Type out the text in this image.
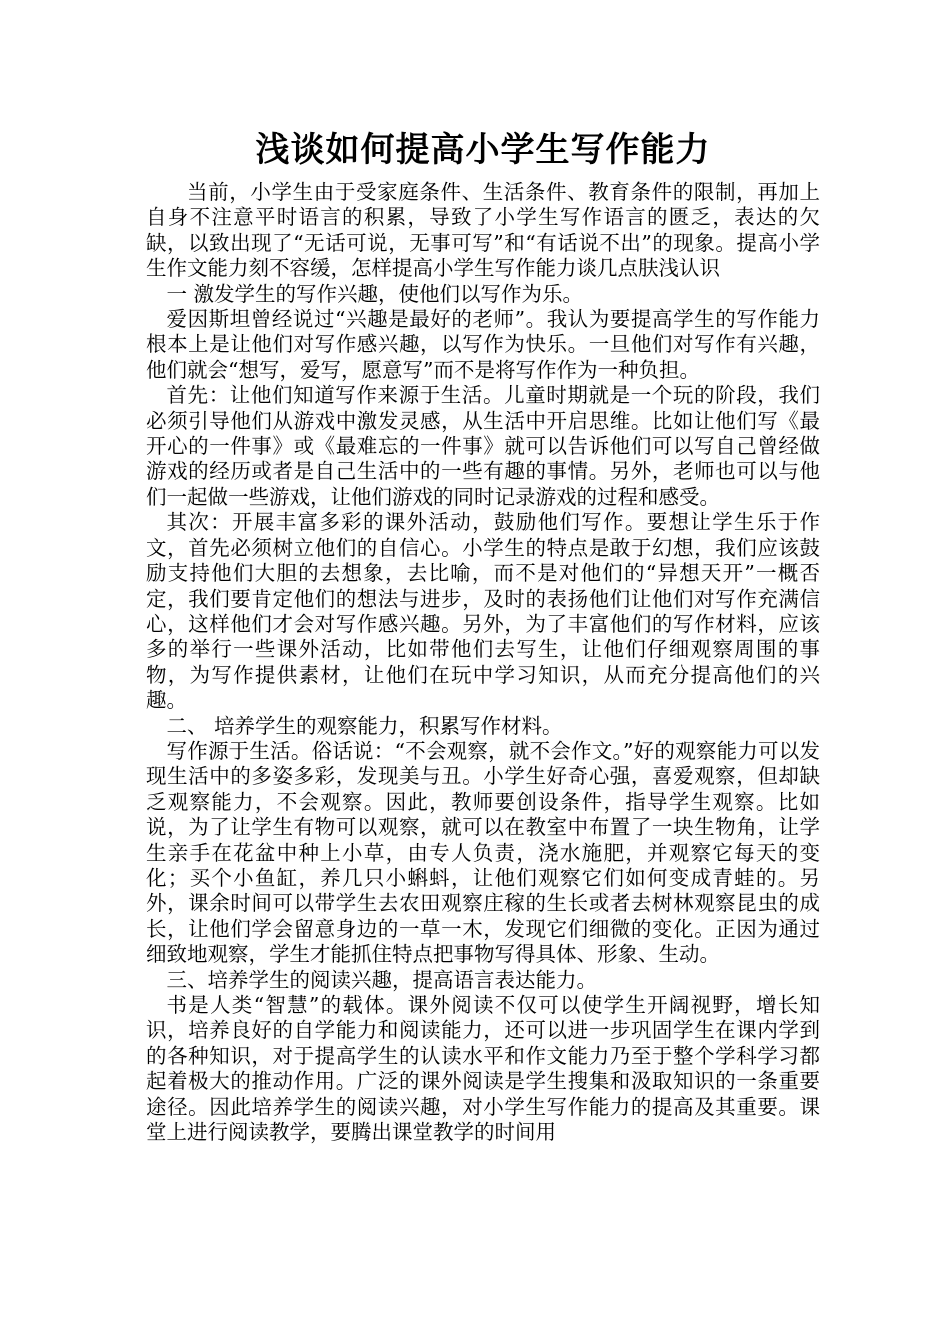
浅谈如何提高小学生写作能力

当前，小学生由于受家庭条件、生活条件、教育条件的限制，再加上自身不注意平时语言的积累，导致了小学生写作语言的匮乏，表达的欠缺，以致出现了“无话可说，无事可写”和“有话说不出”的现象。提高小学生作文能力刻不容缓，怎样提高小学生写作能力谈几点肤浅认识

一 激发学生的写作兴趣，使他们以写作为乐。

爱因斯坦曾经说过“兴趣是最好的老师”。我认为要提高学生的写作能力根本上是让他们对写作感兴趣，以写作为快乐。一旦他们对写作有兴趣，他们就会“想写，爱写，愿意写”而不是将写作作为一种负担。

首先：让他们知道写作来源于生活。儿童时期就是一个玩的阶段，我们必须引导他们从游戏中激发灵感，从生活中开启思维。比如让他们写《最开心的一件事》或《最难忘的一件事》就可以告诉他们可以写自己曾经做游戏的经历或者是自己生活中的一些有趣的事情。另外，老师也可以与他们一起做一些游戏，让他们游戏的同时记录游戏的过程和感受。

其次：开展丰富多彩的课外活动，鼓励他们写作。要想让学生乐于作文，首先必须树立他们的自信心。小学生的特点是敢于幻想，我们应该鼓励支持他们大胆的去想象，去比喻，而不是对他们的“异想天开”一概否定，我们要肯定他们的想法与进步，及时的表扬他们让他们对写作充满信心，这样他们才会对写作感兴趣。另外，为了丰富他们的写作材料，应该多的举行一些课外活动，比如带他们去写生，让他们仔细观察周围的事物，为写作提供素材，让他们在玩中学习知识，从而充分提高他们的兴趣。

二、 培养学生的观察能力，积累写作材料。

写作源于生活。俗话说：“不会观察，就不会作文。”好的观察能力可以发现生活中的多姿多彩，发现美与丑。小学生好奇心强，喜爱观察，但却缺乏观察能力，不会观察。因此，教师要创设条件，指导学生观察。比如说，为了让学生有物可以观察，就可以在教室中布置了一块生物角，让学生亲手在花盆中种上小草，由专人负责，浇水施肥，并观察它每天的变化；买个小鱼缸，养几只小蝌蚪，让他们观察它们如何变成青蛙的。另外，课余时间可以带学生去农田观察庄稼的生长或者去树林观察昆虫的成长，让他们学会留意身边的一草一木，发现它们细微的变化。正因为通过细致地观察，学生才能抓住特点把事物写得具体、形象、生动。

三、培养学生的阅读兴趣，提高语言表达能力。

书是人类“智慧”的载体。课外阅读不仅可以使学生开阔视野，增长知识，培养良好的自学能力和阅读能力，还可以进一步巩固学生在课内学到的各种知识，对于提高学生的认读水平和作文能力乃至于整个学科学习都起着极大的推动作用。广泛的课外阅读是学生搜集和汲取知识的一条重要途径。因此培养学生的阅读兴趣，对小学生写作能力的提高及其重要。课堂上进行阅读教学，要腾出课堂教学的时间用
